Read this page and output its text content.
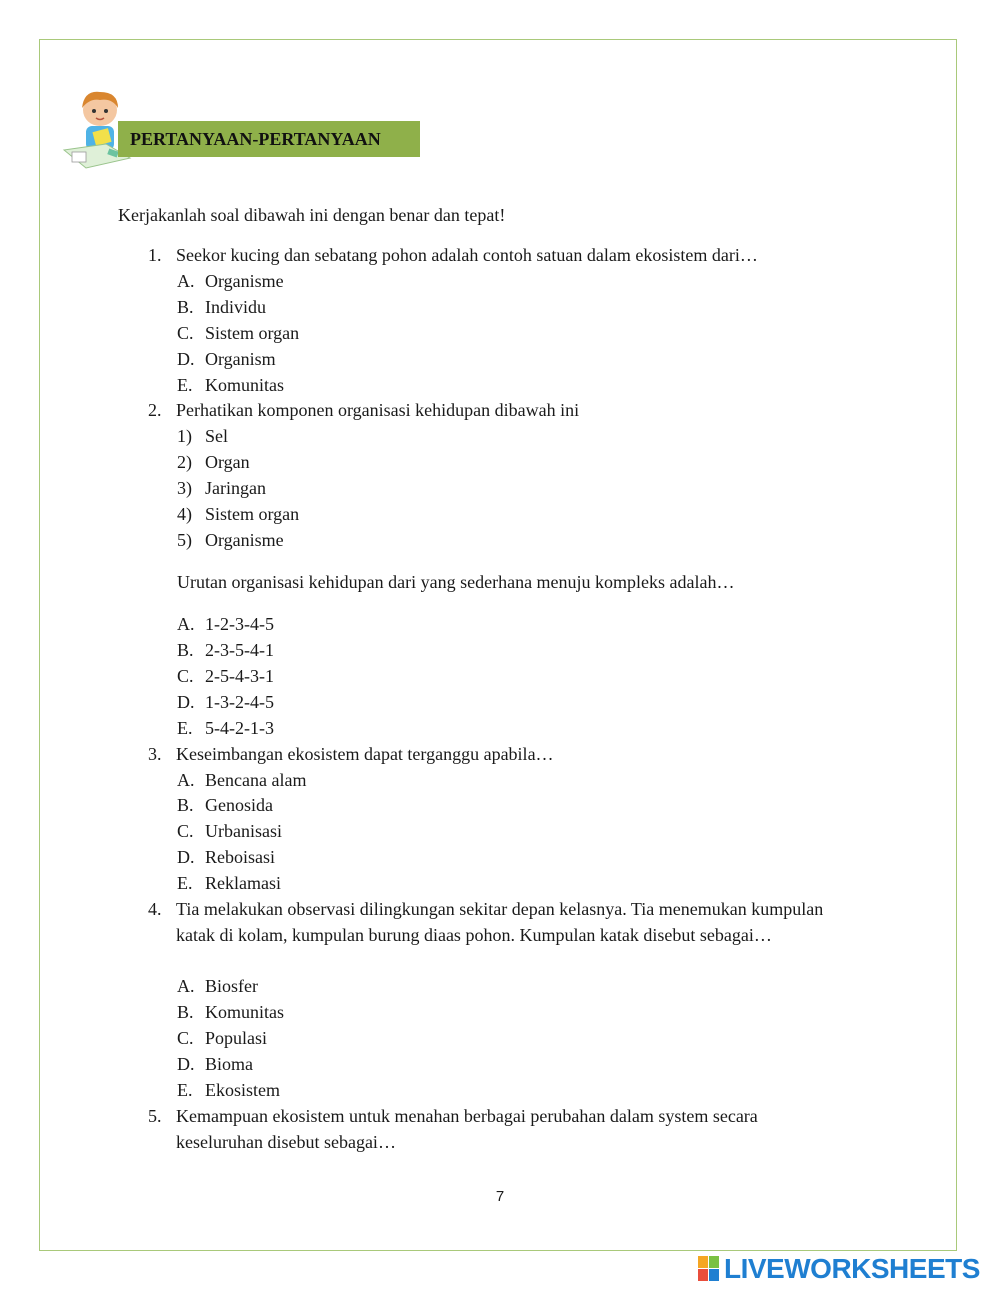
PERTANYAAN-PERTANYAAN
Kerjakanlah soal dibawah ini dengan benar dan tepat!
1. Seekor kucing dan sebatang pohon adalah contoh satuan dalam ekosistem dari…
A. Organisme
B. Individu
C. Sistem organ
D. Organism
E. Komunitas
2. Perhatikan komponen organisasi kehidupan dibawah ini
1) Sel
2) Organ
3) Jaringan
4) Sistem organ
5) Organisme
Urutan organisasi kehidupan dari yang sederhana menuju kompleks adalah…
A. 1-2-3-4-5
B. 2-3-5-4-1
C. 2-5-4-3-1
D. 1-3-2-4-5
E. 5-4-2-1-3
3. Keseimbangan ekosistem dapat terganggu apabila…
A. Bencana alam
B. Genosida
C. Urbanisasi
D. Reboisasi
E. Reklamasi
4. Tia melakukan observasi dilingkungan sekitar depan kelasnya. Tia menemukan kumpulan katak di kolam, kumpulan burung diaas pohon. Kumpulan katak disebut sebagai…
A. Biosfer
B. Komunitas
C. Populasi
D. Bioma
E. Ekosistem
5. Kemampuan ekosistem untuk menahan berbagai perubahan dalam system secara keseluruhan disebut sebagai…
7
LIVEWORKSHEETS
